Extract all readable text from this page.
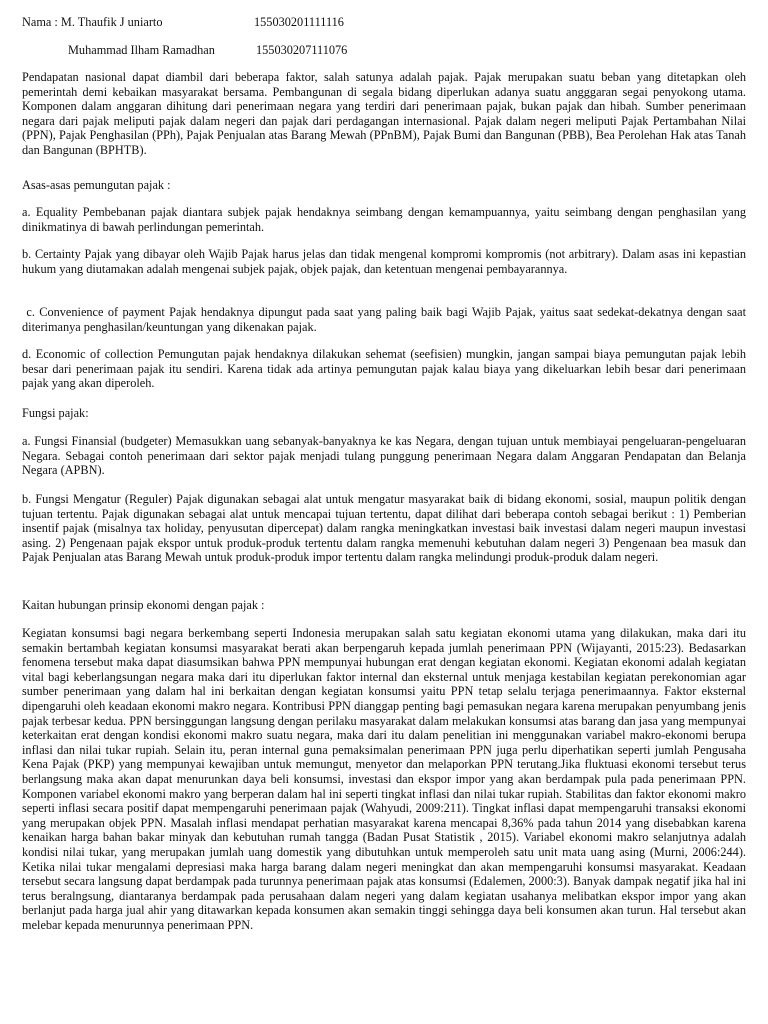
Nama : M. Thaufik J uniarto	155030201111116

Muhammad Ilham Ramadhan	155030207111076

Pendapatan nasional dapat diambil dari beberapa faktor, salah satunya adalah pajak. Pajak merupakan suatu beban yang ditetapkan oleh pemerintah demi kebaikan masyarakat bersama. Pembangunan di segala bidang diperlukan adanya suatu angggaran segai penyokong utama. Komponen dalam anggaran dihitung dari penerimaan negara yang terdiri dari penerimaan pajak, bukan pajak dan hibah. Sumber penerimaan negara dari pajak meliputi pajak dalam negeri dan pajak dari perdagangan internasional. Pajak dalam negeri meliputi Pajak Pertambahan Nilai (PPN), Pajak Penghasilan (PPh), Pajak Penjualan atas Barang Mewah (PPnBM), Pajak Bumi dan Bangunan (PBB), Bea Perolehan Hak atas Tanah dan Bangunan (BPHTB).

Asas-asas pemungutan pajak :

a. Equality Pembebanan pajak diantara subjek pajak hendaknya seimbang dengan kemampuannya, yaitu seimbang dengan penghasilan yang dinikmatinya di bawah perlindungan pemerintah.

b. Certainty Pajak yang dibayar oleh Wajib Pajak harus jelas dan tidak mengenal kompromi kompromis (not arbitrary). Dalam asas ini kepastian hukum yang diutamakan adalah mengenai subjek pajak, objek pajak, dan ketentuan mengenai pembayarannya.

c. Convenience of payment Pajak hendaknya dipungut pada saat yang paling baik bagi Wajib Pajak, yaitus saat sedekat-dekatnya dengan saat diterimanya penghasilan/keuntungan yang dikenakan pajak.

d. Economic of collection Pemungutan pajak hendaknya dilakukan sehemat (seefisien) mungkin, jangan sampai biaya pemungutan pajak lebih besar dari penerimaan pajak itu sendiri. Karena tidak ada artinya pemungutan pajak kalau biaya yang dikeluarkan lebih besar dari penerimaan pajak yang akan diperoleh.

Fungsi pajak:

a. Fungsi Finansial (budgeter) Memasukkan uang sebanyak-banyaknya ke kas Negara, dengan tujuan untuk membiayai pengeluaran-pengeluaran Negara. Sebagai contoh penerimaan dari sektor pajak menjadi tulang punggung penerimaan Negara dalam Anggaran Pendapatan dan Belanja Negara (APBN).

b. Fungsi Mengatur (Reguler) Pajak digunakan sebagai alat untuk mengatur masyarakat baik di bidang ekonomi, sosial, maupun politik dengan tujuan tertentu. Pajak digunakan sebagai alat untuk mencapai tujuan tertentu, dapat dilihat dari beberapa contoh sebagai berikut : 1) Pemberian insentif pajak (misalnya tax holiday, penyusutan dipercepat) dalam rangka meningkatkan investasi baik investasi dalam negeri maupun investasi asing. 2) Pengenaan pajak ekspor untuk produk-produk tertentu dalam rangka memenuhi kebutuhan dalam negeri 3) Pengenaan bea masuk dan Pajak Penjualan atas Barang Mewah untuk produk-produk impor tertentu dalam rangka melindungi produk-produk dalam negeri.

Kaitan hubungan prinsip ekonomi dengan pajak :

Kegiatan konsumsi bagi negara berkembang seperti Indonesia merupakan salah satu kegiatan ekonomi utama yang dilakukan, maka dari itu semakin bertambah kegiatan konsumsi masyarakat berati akan berpengaruh kepada jumlah penerimaan PPN (Wijayanti, 2015:23). Bedasarkan fenomena tersebut maka dapat diasumsikan bahwa PPN mempunyai hubungan erat dengan kegiatan ekonomi. Kegiatan ekonomi adalah kegiatan vital bagi keberlangsungan negara maka dari itu diperlukan faktor internal dan eksternal untuk menjaga kestabilan kegiatan perekonomian agar sumber penerimaan yang dalam hal ini berkaitan dengan kegiatan konsumsi yaitu PPN tetap selalu terjaga penerimaannya. Faktor eksternal dipengaruhi oleh keadaan ekonomi makro negara. Kontribusi PPN dianggap penting bagi pemasukan negara karena merupakan penyumbang jenis pajak terbesar kedua. PPN bersinggungan langsung dengan perilaku masyarakat dalam melakukan konsumsi atas barang dan jasa yang mempunyai keterkaitan erat dengan kondisi ekonomi makro suatu negara, maka dari itu dalam penelitian ini menggunakan variabel makro-ekonomi berupa inflasi dan nilai tukar rupiah. Selain itu, peran internal guna pemaksimalan penerimaan PPN juga perlu diperhatikan seperti jumlah Pengusaha Kena Pajak (PKP) yang mempunyai kewajiban untuk memungut, menyetor dan melaporkan PPN terutang.Jika fluktuasi ekonomi tersebut terus berlangsung maka akan dapat menurunkan daya beli konsumsi, investasi dan ekspor impor yang akan berdampak pula pada penerimaan PPN. Komponen variabel ekonomi makro yang berperan dalam hal ini seperti tingkat inflasi dan nilai tukar rupiah. Stabilitas dan faktor ekonomi makro seperti inflasi secara positif dapat mempengaruhi penerimaan pajak (Wahyudi, 2009:211). Tingkat inflasi dapat mempengaruhi transaksi ekonomi yang merupakan objek PPN. Masalah inflasi mendapat perhatian masyarakat karena mencapai 8,36% pada tahun 2014 yang disebabkan karena kenaikan harga bahan bakar minyak dan kebutuhan rumah tangga (Badan Pusat Statistik , 2015). Variabel ekonomi makro selanjutnya adalah kondisi nilai tukar, yang merupakan jumlah uang domestik yang dibutuhkan untuk memperoleh satu unit mata uang asing (Murni, 2006:244). Ketika nilai tukar mengalami depresiasi maka harga barang dalam negeri meningkat dan akan mempengaruhi konsumsi masyarakat. Keadaan tersebut secara langsung dapat berdampak pada turunnya penerimaan pajak atas konsumsi (Edalemen, 2000:3). Banyak dampak negatif jika hal ini terus beralngsung, diantaranya berdampak pada perusahaan dalam negeri yang dalam kegiatan usahanya melibatkan ekspor impor yang akan berlanjut pada harga jual ahir yang ditawarkan kepada konsumen akan semakin tinggi sehingga daya beli konsumen akan turun. Hal tersebut akan melebar kepada menurunnya penerimaan PPN.
